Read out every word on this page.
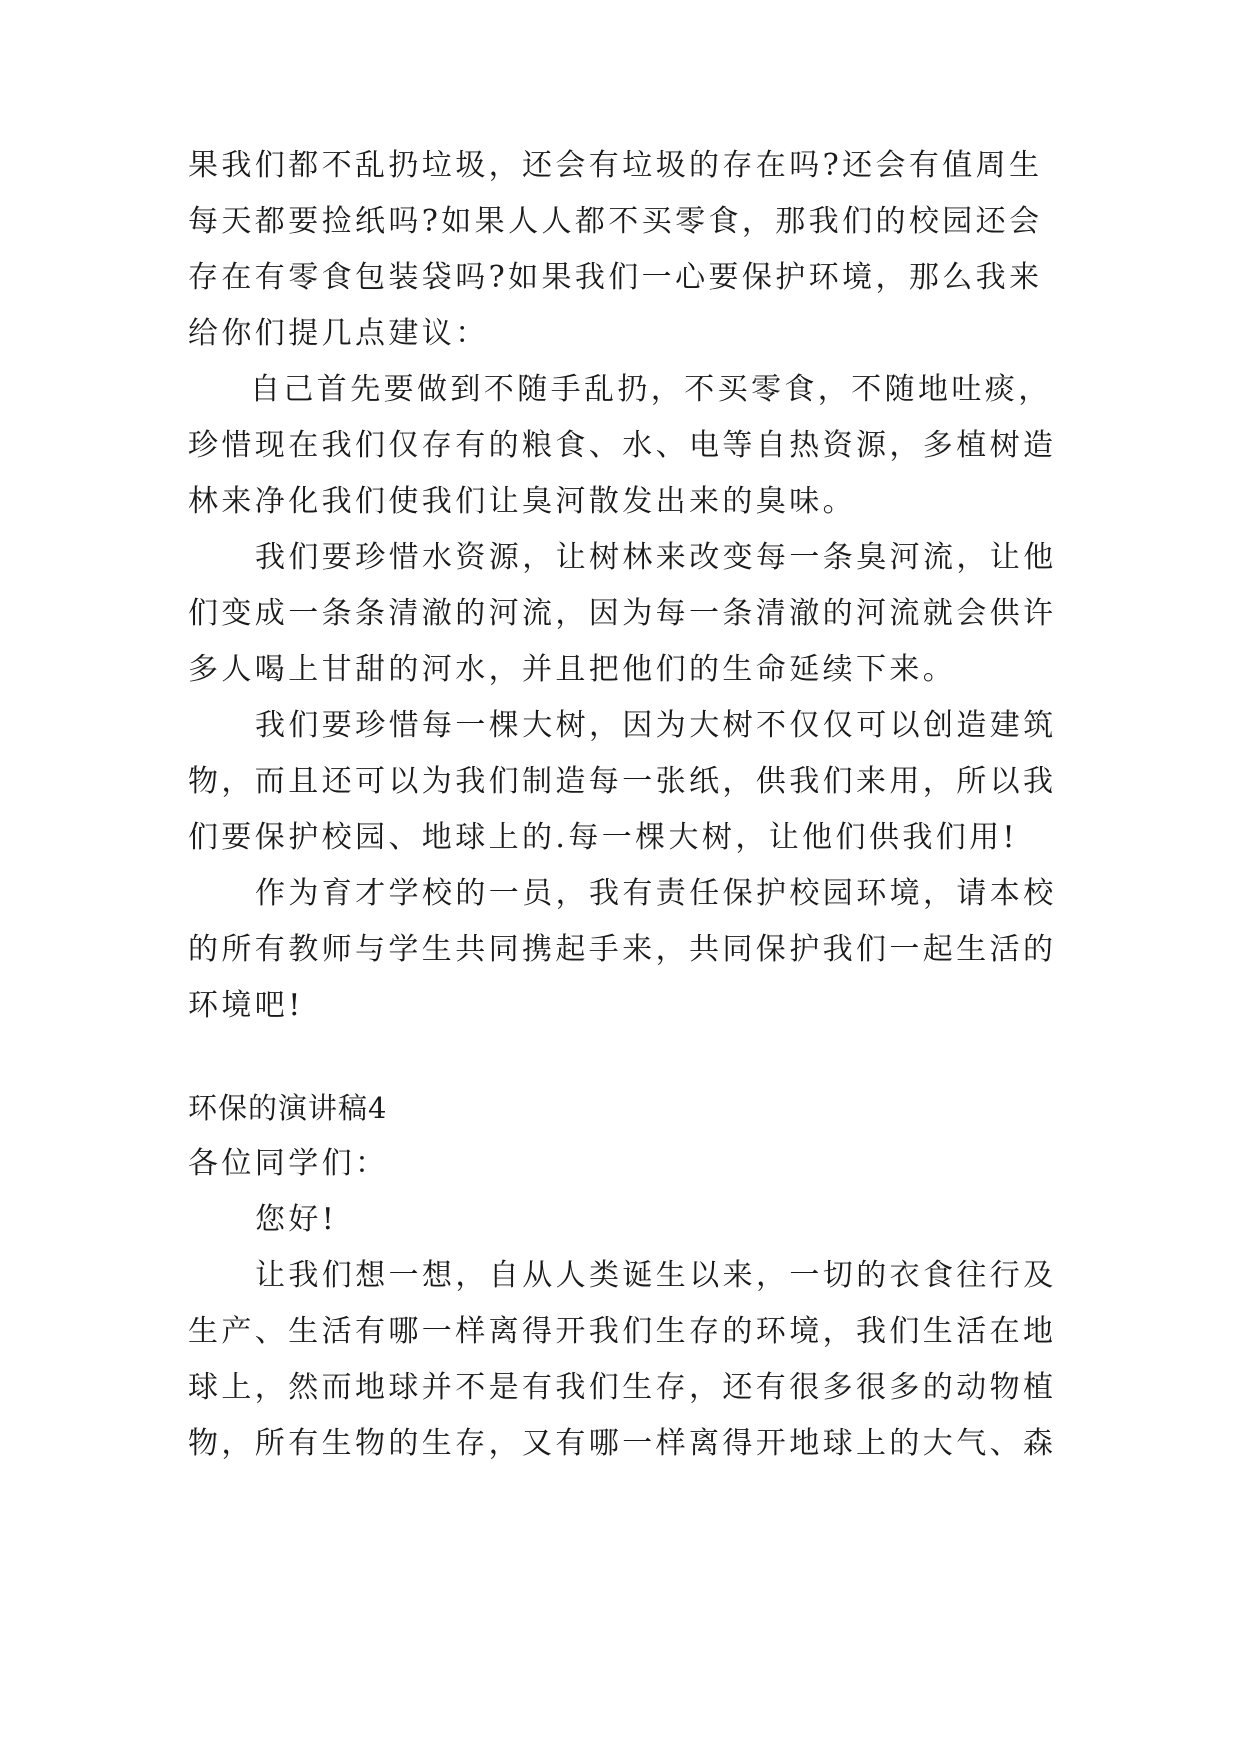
果我们都不乱扔垃圾，还会有垃圾的存在吗?还会有值周生
每天都要捡纸吗?如果人人都不买零食，那我们的校园还会
存在有零食包装袋吗?如果我们一心要保护环境，那么我来
给你们提几点建议：
自己首先要做到不随手乱扔，不买零食，不随地吐痰，
珍惜现在我们仅存有的粮食、水、电等自热资源，多植树造
林来净化我们使我们让臭河散发出来的臭味。
我们要珍惜水资源，让树林来改变每一条臭河流，让他
们变成一条条清澈的河流，因为每一条清澈的河流就会供许
多人喝上甘甜的河水，并且把他们的生命延续下来。
我们要珍惜每一棵大树，因为大树不仅仅可以创造建筑
物，而且还可以为我们制造每一张纸，供我们来用，所以我
们要保护校园、地球上的.每一棵大树，让他们供我们用!
作为育才学校的一员，我有责任保护校园环境，请本校
的所有教师与学生共同携起手来，共同保护我们一起生活的
环境吧!
环保的演讲稿4
各位同学们：
您好!
让我们想一想，自从人类诞生以来，一切的衣食往行及
生产、生活有哪一样离得开我们生存的环境，我们生活在地
球上，然而地球并不是有我们生存，还有很多很多的动物植
物，所有生物的生存，又有哪一样离得开地球上的大气、森
